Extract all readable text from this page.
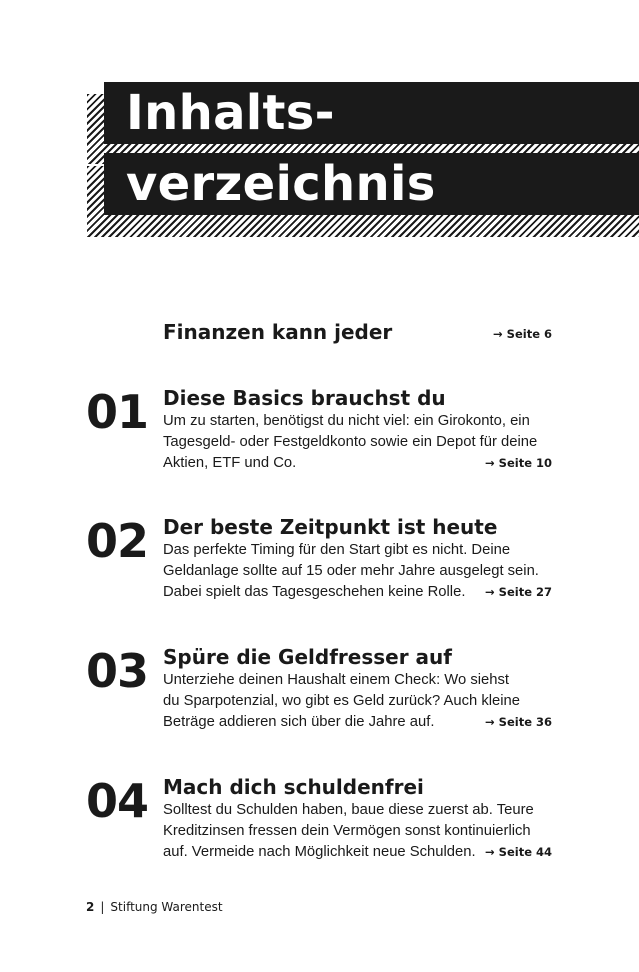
Inhalts-
verzeichnis
Finanzen kann jeder	→ Seite 6
01 Diese Basics brauchst du
Um zu starten, benötigst du nicht viel: ein Girokonto, ein
Tagesgeld- oder Festgeldkonto sowie ein Depot für deine
Aktien, ETF und Co.	→ Seite 10
02 Der beste Zeitpunkt ist heute
Das perfekte Timing für den Start gibt es nicht. Deine
Geldanlage sollte auf 15 oder mehr Jahre ausgelegt sein.
Dabei spielt das Tagesgeschehen keine Rolle. → Seite 27
03 Spüre die Geldfresser auf
Unterziehe deinen Haushalt einem Check: Wo siehst
du Sparpotenzial, wo gibt es Geld zurück? Auch kleine
Beträge addieren sich über die Jahre auf.	→ Seite 36
04 Mach dich schuldenfrei
Solltest du Schulden haben, baue diese zuerst ab. Teure
Kreditzinsen fressen dein Vermögen sonst kontinuierlich
auf. Vermeide nach Möglichkeit neue Schulden. → Seite 44
2 | Stiftung Warentest
